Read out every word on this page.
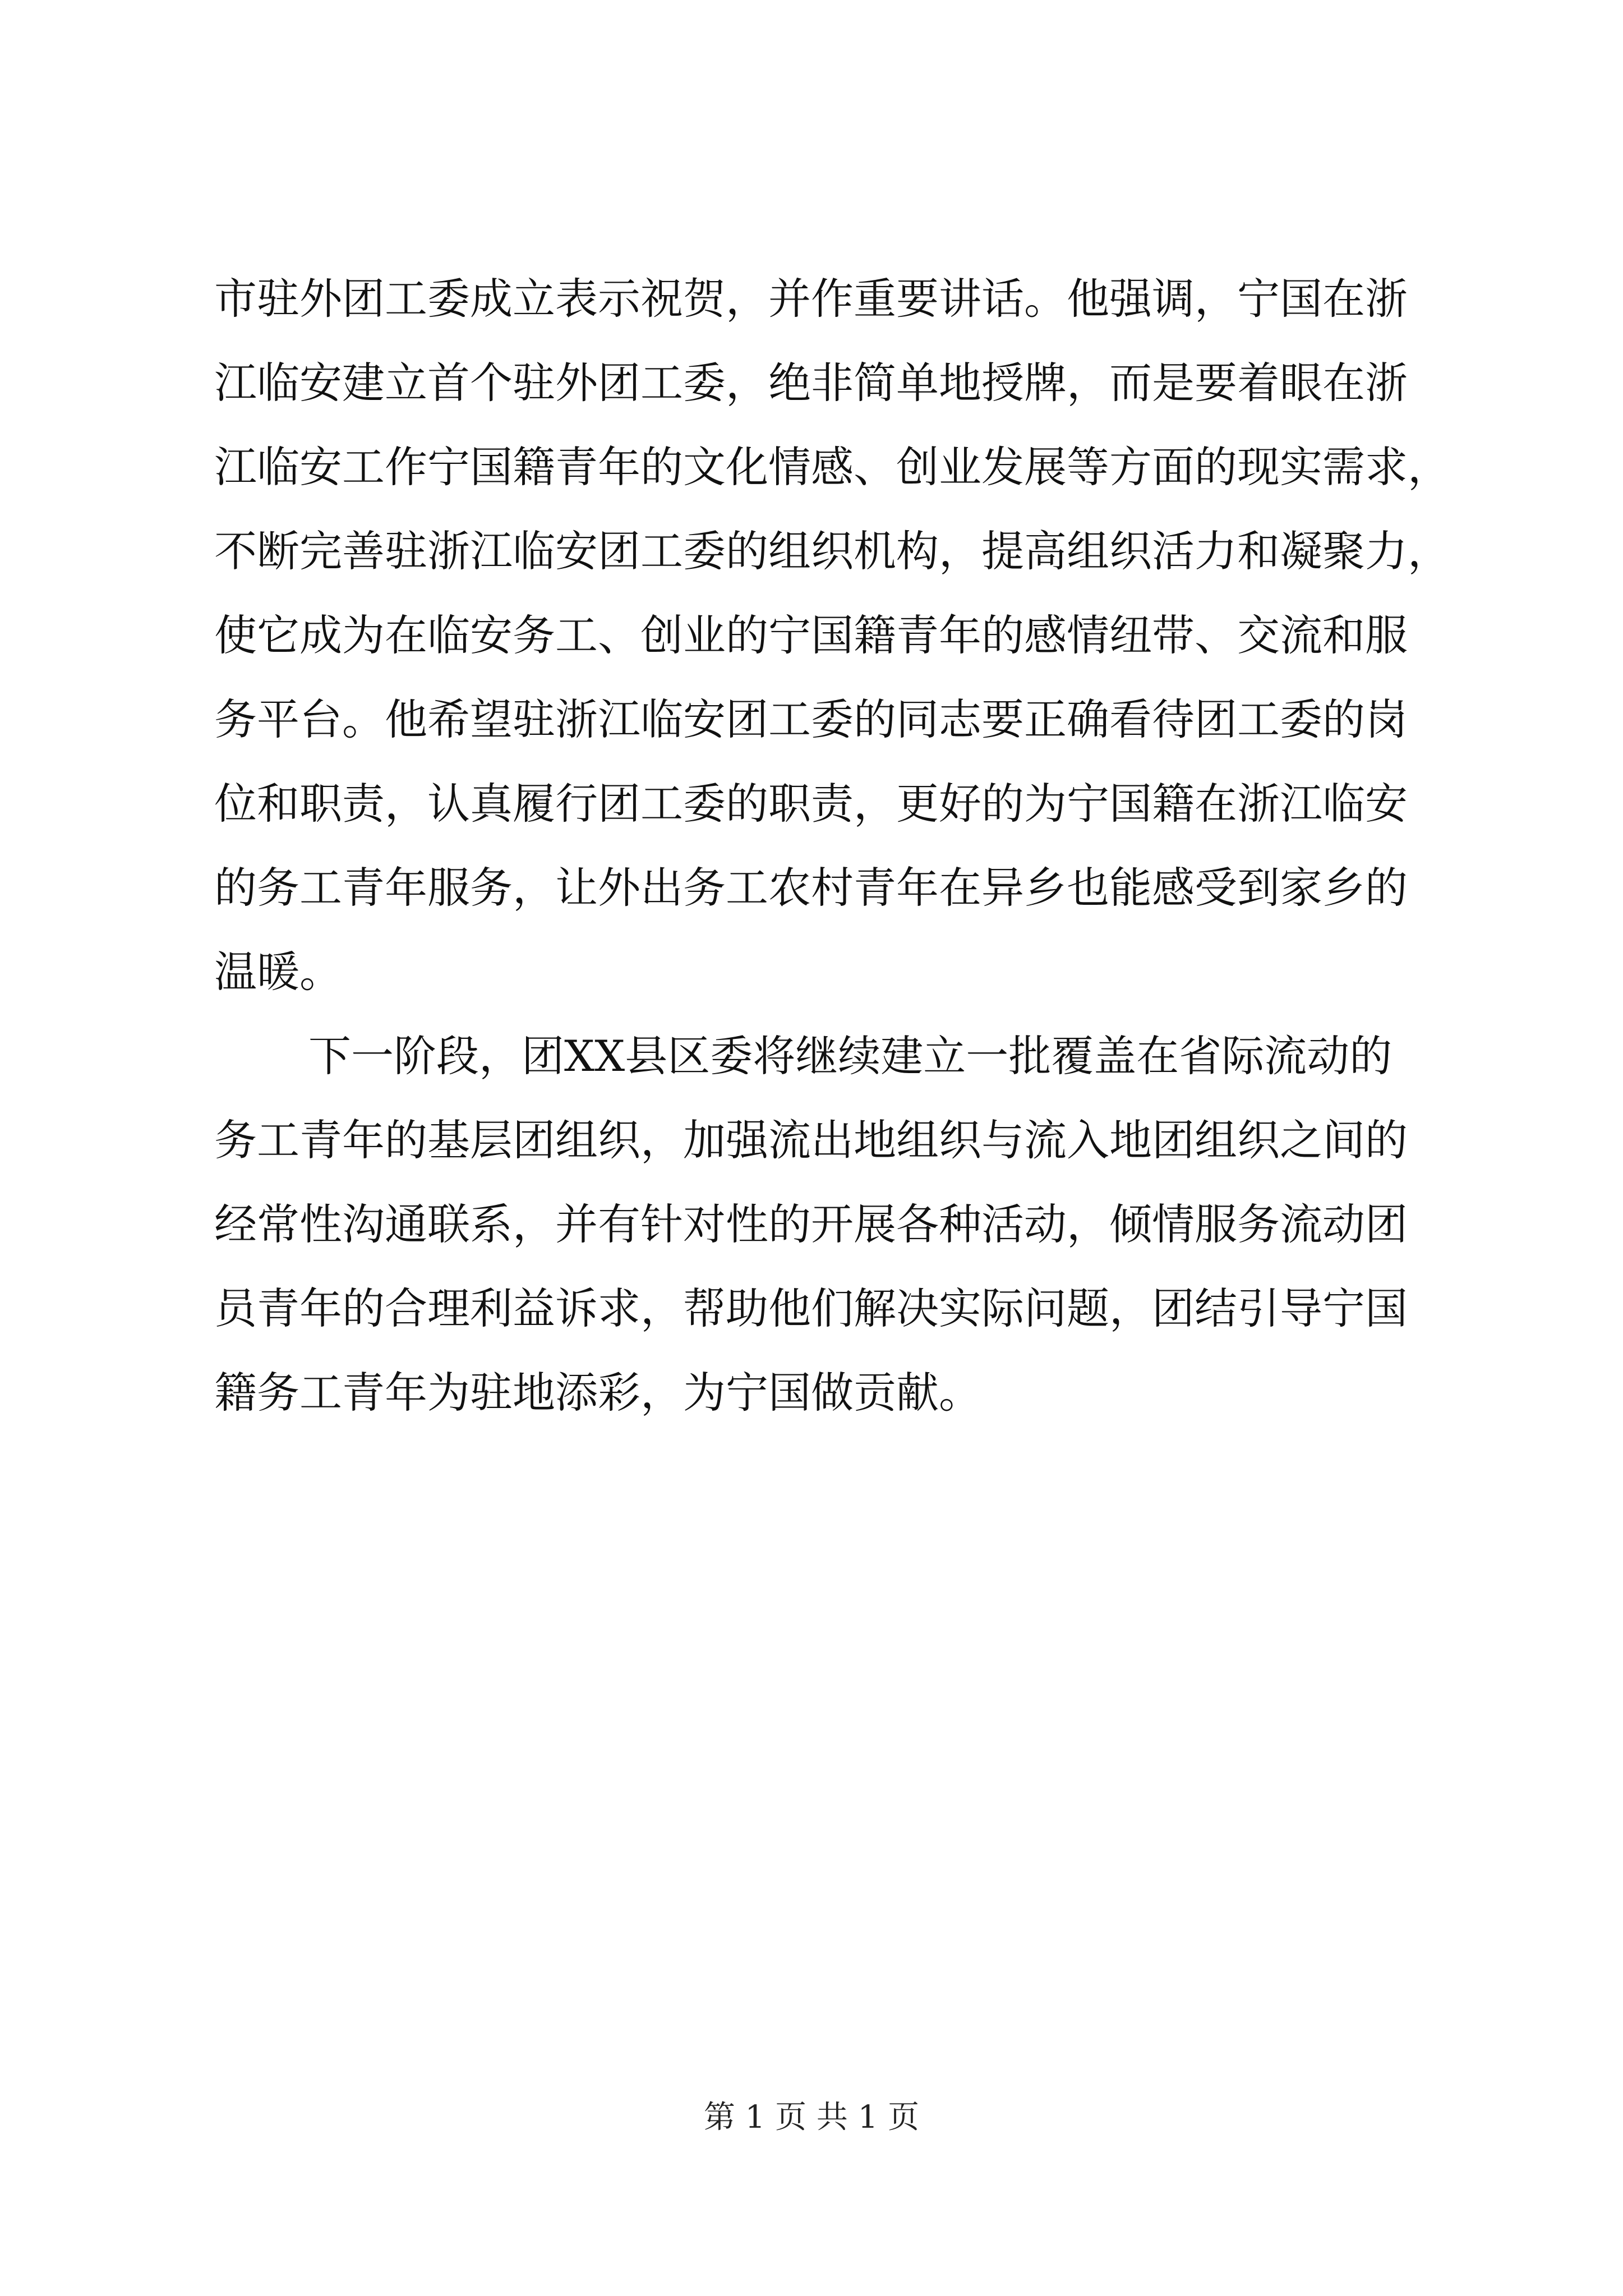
市驻外团工委成立表示祝贺，并作重要讲话。他强调，宁国在浙
江临安建立首个驻外团工委，绝非简单地授牌，而是要着眼在浙
江临安工作宁国籍青年的文化情感、创业发展等方面的现实需求，
不断完善驻浙江临安团工委的组织机构，提高组织活力和凝聚力，
使它成为在临安务工、创业的宁国籍青年的感情纽带、交流和服
务平台。他希望驻浙江临安团工委的同志要正确看待团工委的岗
位和职责，认真履行团工委的职责，更好的为宁国籍在浙江临安
的务工青年服务，让外出务工农村青年在异乡也能感受到家乡的
温暖。
下一阶段，团XX县区委将继续建立一批覆盖在省际流动的
务工青年的基层团组织，加强流出地组织与流入地团组织之间的
经常性沟通联系，并有针对性的开展各种活动，倾情服务流动团
员青年的合理利益诉求，帮助他们解决实际问题，团结引导宁国
籍务工青年为驻地添彩，为宁国做贡献。
第 1 页 共 1 页
